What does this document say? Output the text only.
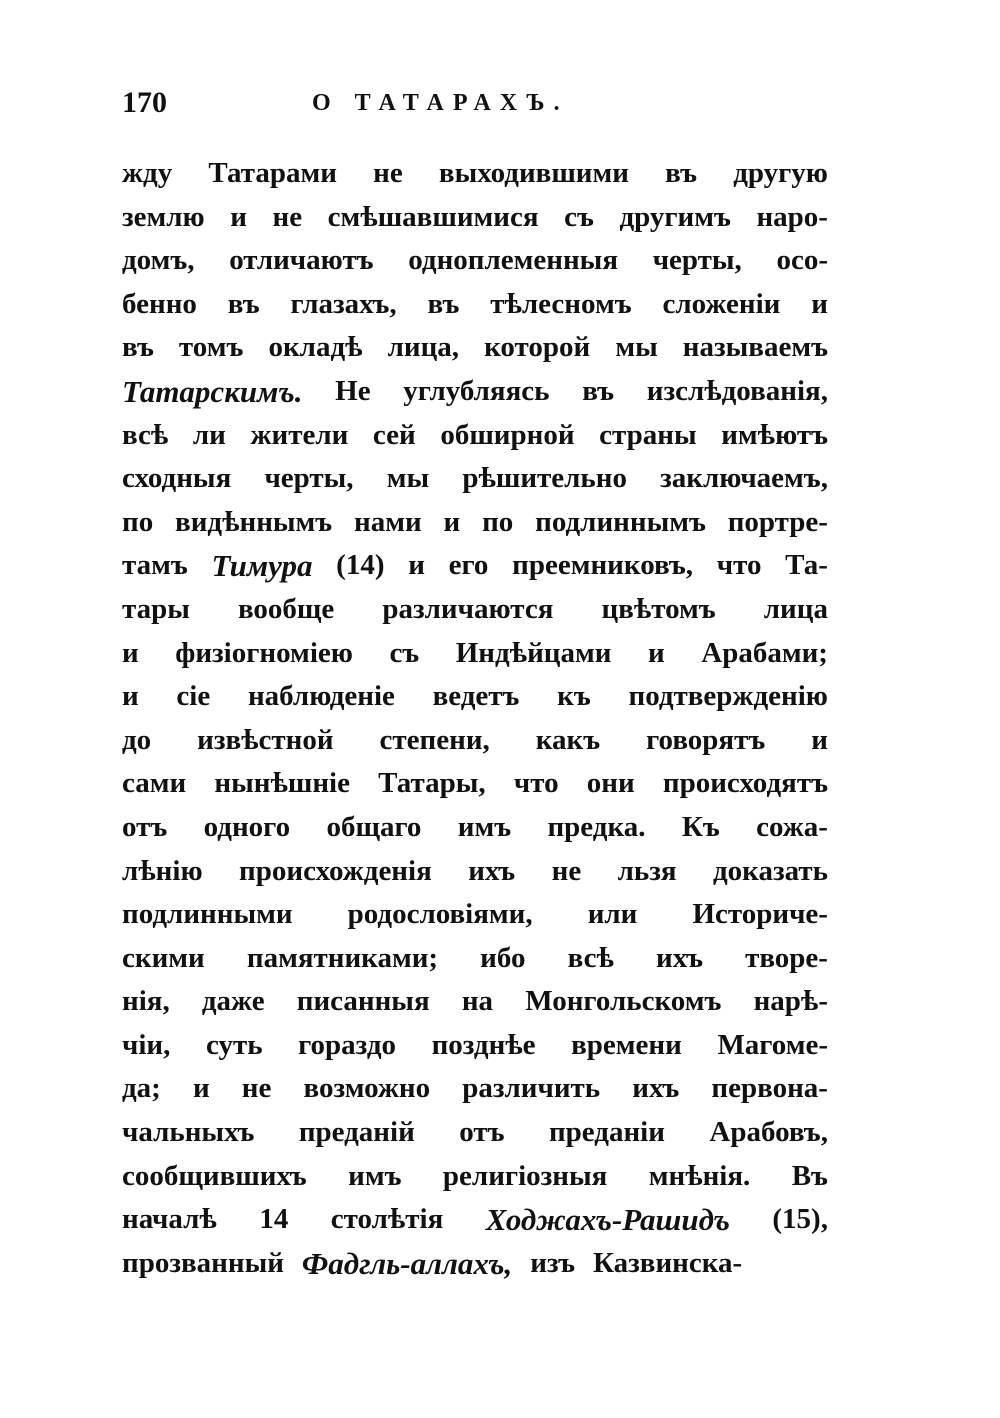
170	О ТАТАРАХЪ.
жду Татарами не выходившими въ другую
землю и не смѣшавшимися съ другимъ наро-
домъ, отличаютъ одноплеменныя черты, осо-
бенно въ глазахъ, въ тѣлесномъ сложеніи и
въ томъ окладѣ лица, которой мы называемъ
Татарскимъ. Не углубляясь въ изслѣдованія,
всѣ ли жители сей обширной страны имѣютъ
сходныя черты, мы рѣшительно заключаемъ,
по видѣннымъ нами и по подлиннымъ портре-
тамъ Тимура (14) и его преемниковъ, что Та-
тары вообще различаются цвѣтомъ лица
и физіогноміею съ Индѣйцами и Арабами;
и сіе наблюденіе ведетъ къ подтвержденію
до извѣстной степени, какъ говорятъ и
сами нынѣшніе Татары, что они происходятъ
отъ одного общаго имъ предка. Къ сожа-
лѣнію происхожденія ихъ не льзя доказать
подлинными родословіями, или Историче-
скими памятниками; ибо всѣ ихъ творе-
нія, даже писанныя на Монгольскомъ нарѣ-
чіи, суть гораздо позднѣе времени Магоме-
да; и не возможно различить ихъ первона-
чальныхъ преданій отъ преданіи Арабовъ,
сообщившихъ имъ религіозныя мнѣнія. Въ
началѣ 14 столѣтія Ходжахъ-Рашидъ (15),
прозванный Фадгль-аллахъ, изъ Казвинска-
